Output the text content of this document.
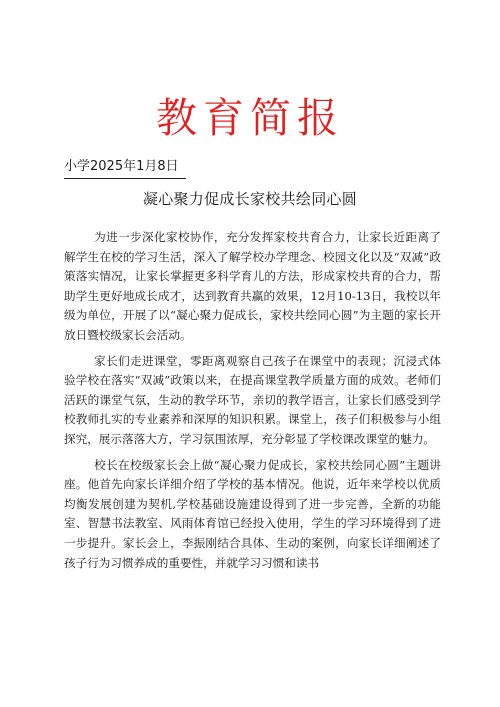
教育简报
小学2025年1月8日
凝心聚力促成长家校共绘同心圆

为进一步深化家校协作，充分发挥家校共育合力，让家长近距离了解学生在校的学习生活，深入了解学校办学理念、校园文化以及“双减”政策落实情况，让家长掌握更多科学育儿的方法，形成家校共育的合力，帮助学生更好地成长成才，达到教育共赢的效果，12月10-13日，我校以年级为单位，开展了以“凝心聚力促成长，家校共绘同心圆”为主题的家长开放日暨校级家长会活动。

家长们走进课堂，零距离观察自己孩子在课堂中的表现；沉浸式体验学校在落实“双减”政策以来，在提高课堂教学质量方面的成效。老师们活跃的课堂气氛，生动的教学环节，亲切的教学语言，让家长们感受到学校教师扎实的专业素养和深厚的知识积累。课堂上，孩子们积极参与小组探究，展示落落大方，学习氛围浓厚，充分彰显了学校课改课堂的魅力。

校长在校级家长会上做“凝心聚力促成长，家校共绘同心圆”主题讲座。他首先向家长详细介绍了学校的基本情况。他说，近年来学校以优质均衡发展创建为契机,学校基础设施建设得到了进一步完善，全新的功能室、智慧书法教室、风雨体育馆已经投入使用，学生的学习环境得到了进一步提升。家长会上，李振刚结合具体、生动的案例，向家长详细阐述了孩子行为习惯养成的重要性，并就学习习惯和读书
